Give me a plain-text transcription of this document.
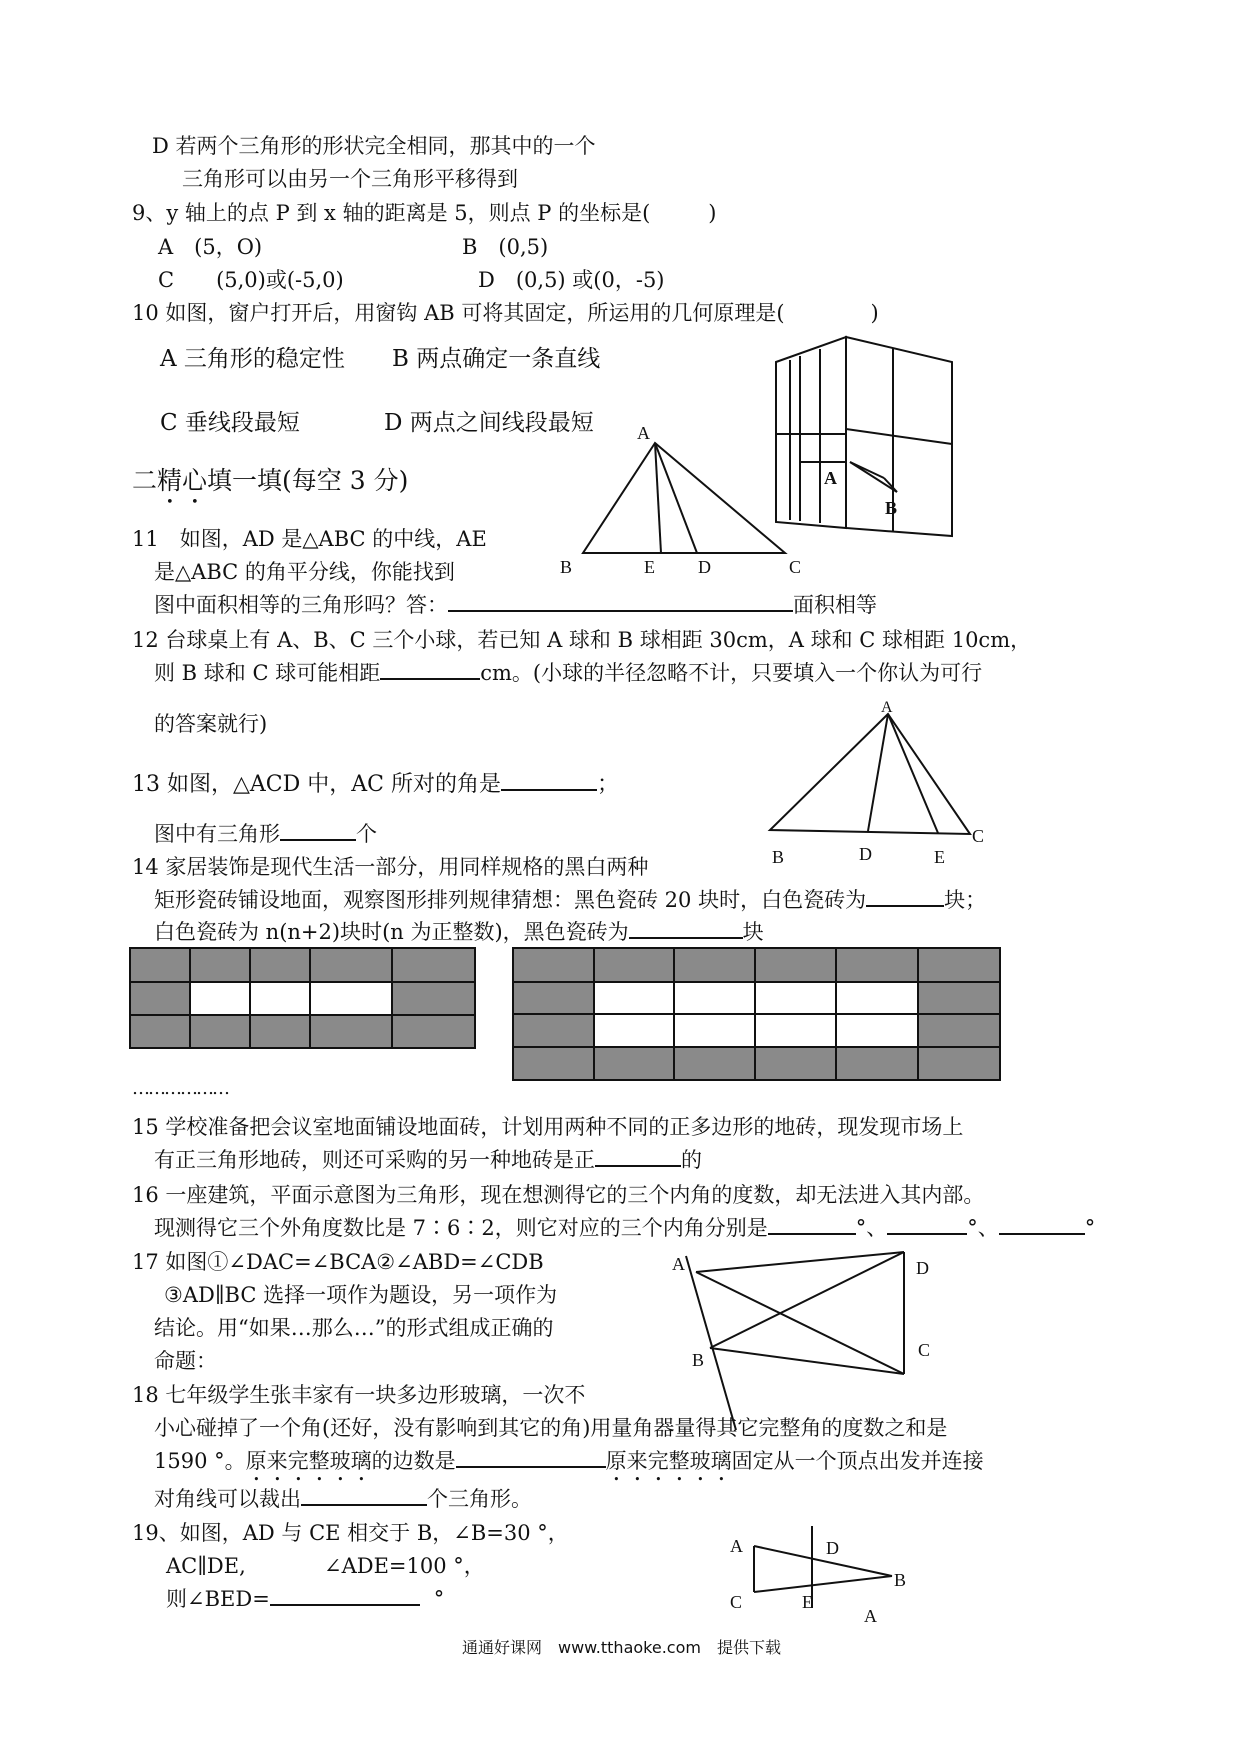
D 若两个三角形的形状完全相同，那其中的一个
三角形可以由另一个三角形平移得到
9、y 轴上的点 P 到 x 轴的距离是 5，则点 P 的坐标是(	)
A　(5，O)	B　(0,5)
C　　(5,0)或(-5,0)	D　(0,5) 或(0，-5)
10 如图，窗户打开后，用窗钩 AB 可将其固定，所运用的几何原理是(	)
A 三角形的稳定性 B 两点确定一条直线
C 垂线段最短	D 两点之间线段最短
A
B
二精心填一填(每空 3 分)
A
B	E D	C
11　如图，AD 是△ABC 的中线，AE
是△ABC 的角平分线，你能找到
图中面积相等的三角形吗？答：	面积相等
12 台球桌上有 A、B、C 三个小球，若已知 A 球和 B 球相距 30cm，A 球和 C 球相距 10cm，
则 B 球和 C 球可能相距	cm。(小球的半径忽略不计，只要填入一个你认为可行
的答案就行)
A
B	D	E
C
13 如图，△ACD 中，AC 所对的角是	；
图中有三角形	个
14 家居装饰是现代生活一部分，用同样规格的黑白两种
矩形瓷砖铺设地面，观察图形排列规律猜想：黑色瓷砖 20 块时，白色瓷砖为	块；
白色瓷砖为 n(n+2)块时(n 为正整数)，黑色瓷砖为	块
………………
15 学校准备把会议室地面铺设地面砖，计划用两种不同的正多边形的地砖，现发现市场上
有正三角形地砖，则还可采购的另一种地砖是正	的
16 一座建筑，平面示意图为三角形，现在想测得它的三个内角的度数，却无法进入其内部。
现测得它三个外角度数比是 7∶6∶2，则它对应的三个内角分别是	°、	°、	°
17 如图①∠DAC=∠BCA②∠ABD=∠CDB
③AD∥BC 选择一项作为题设，另一项作为
结论。用“如果…那么…”的形式组成正确的
命题：
A	D
C
B
18 七年级学生张丰家有一块多边形玻璃，一次不
小心碰掉了一个角(还好，没有影响到其它的角)用量角器量得其它完整角的度数之和是
1590 °。原来完整玻璃的边数是	原来完整玻璃固定从一个顶点出发并连接
对角线可以裁出	个三角形。
19、如图，AD 与 CE 相交于 B，∠B=30 °，
AC∥DE,	∠ADE=100 °，
则∠BED=	°
A	D
C	E
B
A
通通好课网　www.tthaoke.com　提供下载
